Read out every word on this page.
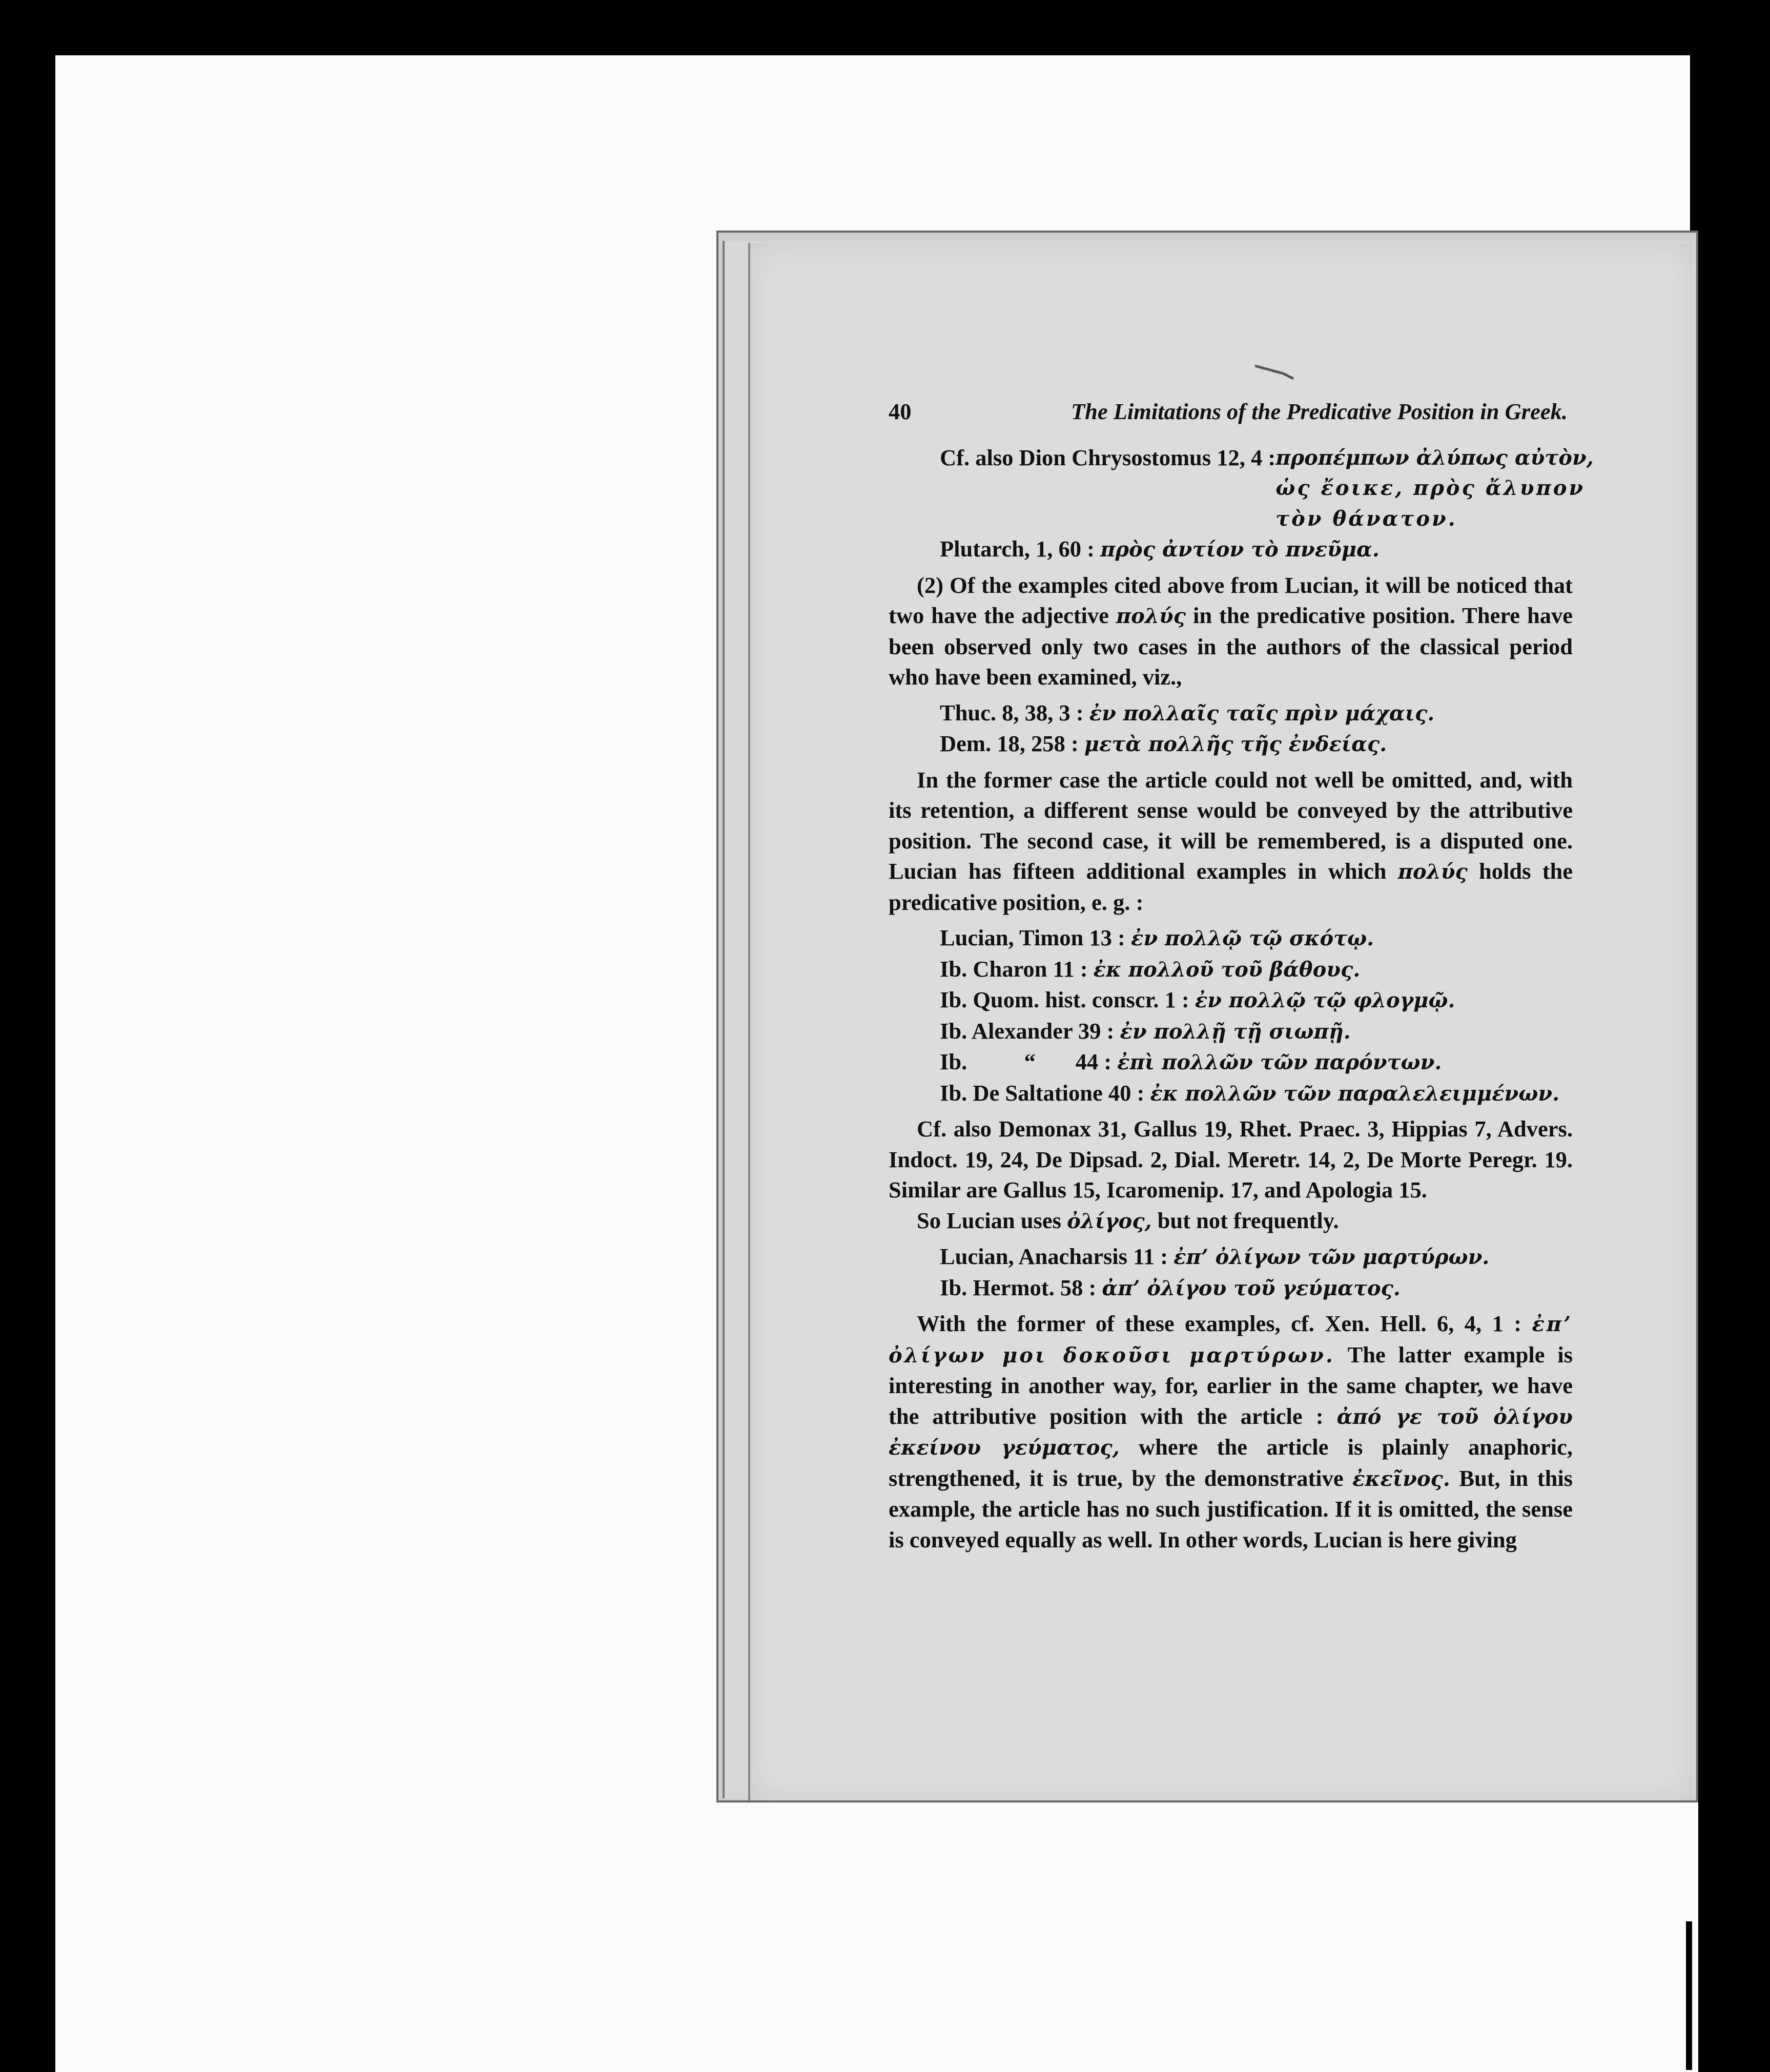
40	The Limitations of the Predicative Position in Greek.
Cf. also Dion Chrysostomus 12, 4 : προπέμπων ἀλύπως αὐτὸν,
ὡς ἔοικε, πρὸς ἄλυπον
τὸν θάνατον.
Plutarch, 1, 60 : πρὸς ἀντίον τὸ πνεῦμα.

(2) Of the examples cited above from Lucian, it will be noticed that two have the adjective πολύς in the predicative position. There have been observed only two cases in the authors of the classical period who have been examined, viz.,

Thuc. 8, 38, 3 : ἐν πολλαῖς ταῖς πρὶν μάχαις.
Dem. 18, 258 : μετὰ πολλῆς τῆς ἐνδείας.

In the former case the article could not well be omitted, and, with its retention, a different sense would be conveyed by the attributive position. The second case, it will be remembered, is a disputed one. Lucian has fifteen additional examples in which πολύς holds the predicative position, e. g. :

Lucian, Timon 13 : ἐν πολλῷ τῷ σκότῳ.
Ib. Charon 11 : ἐκ πολλοῦ τοῦ βάθους.
Ib. Quom. hist. conscr. 1 : ἐν πολλῷ τῷ φλογμῷ.
Ib. Alexander 39 : ἐν πολλῇ τῇ σιωπῇ.
Ib.          “       44 : ἐπὶ πολλῶν τῶν παρόντων.
Ib. De Saltatione 40 : ἐκ πολλῶν τῶν παραλελειμμένων.

Cf. also Demonax 31, Gallus 19, Rhet. Praec. 3, Hippias 7, Advers. Indoct. 19, 24, De Dipsad. 2, Dial. Meretr. 14, 2, De Morte Peregr. 19. Similar are Gallus 15, Icaromenip. 17, and Apologia 15.

So Lucian uses ὀλίγος, but not frequently.

Lucian, Anacharsis 11 : ἐπ’ ὀλίγων τῶν μαρτύρων.
Ib. Hermot. 58 : ἀπ’ ὀλίγου τοῦ γεύματος.

With the former of these examples, cf. Xen. Hell. 6, 4, 1 : ἐπ’ ὀλίγων μοι δοκοῦσι μαρτύρων. The latter example is interesting in another way, for, earlier in the same chapter, we have the attributive position with the article : ἀπό γε τοῦ ὀλίγου ἐκείνου γεύματος, where the article is plainly anaphoric, strengthened, it is true, by the demonstrative ἐκεῖνος. But, in this example, the article has no such justification. If it is omitted, the sense is conveyed equally as well. In other words, Lucian is here giving
